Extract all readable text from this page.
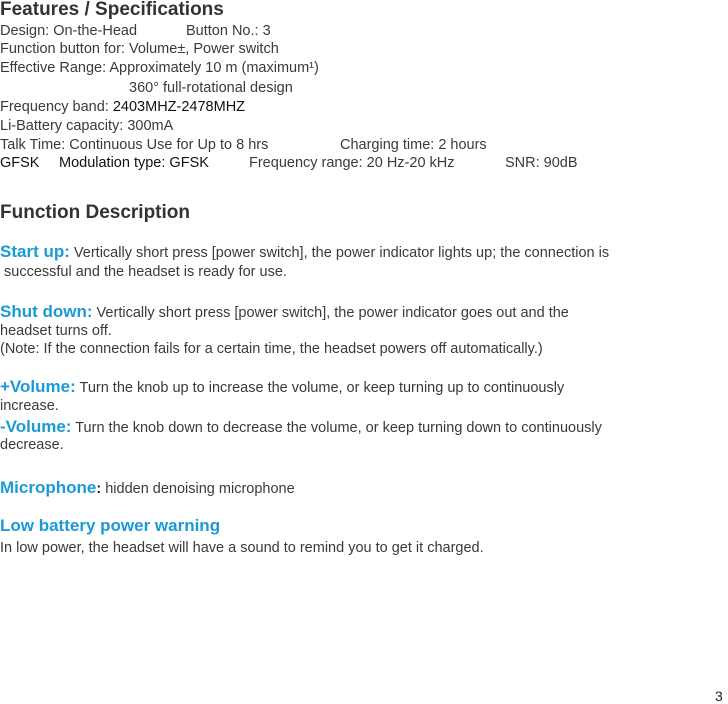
Features / Specifications
Design: On-the-Head	Button No.: 3
Function button for: Volume±, Power switch
Effective Range: Approximately 10 m (maximum¹)
360° full-rotational design
Frequency band: 2403MHZ-2478MHZ
Li-Battery capacity: 300mA
Talk Time: Continuous Use for Up to 8 hrs	Charging time: 2 hours
GFSK Modulation type: GFSK	Frequency range: 20 Hz-20 kHz	SNR: 90dB
Function Description
Start up: Vertically short press [power switch], the power indicator lights up; the connection is
successful and the headset is ready for use.
Shut down: Vertically short press [power switch], the power indicator goes out and the
headset turns off.
(Note: If the connection fails for a certain time, the headset powers off automatically.)
+Volume: Turn the knob up to increase the volume, or keep turning up to continuously
increase.
-Volume: Turn the knob down to decrease the volume, or keep turning down to continuously
decrease.
Microphone: hidden denoising microphone
Low battery power warning
In low power, the headset will have a sound to remind you to get it charged.
3
